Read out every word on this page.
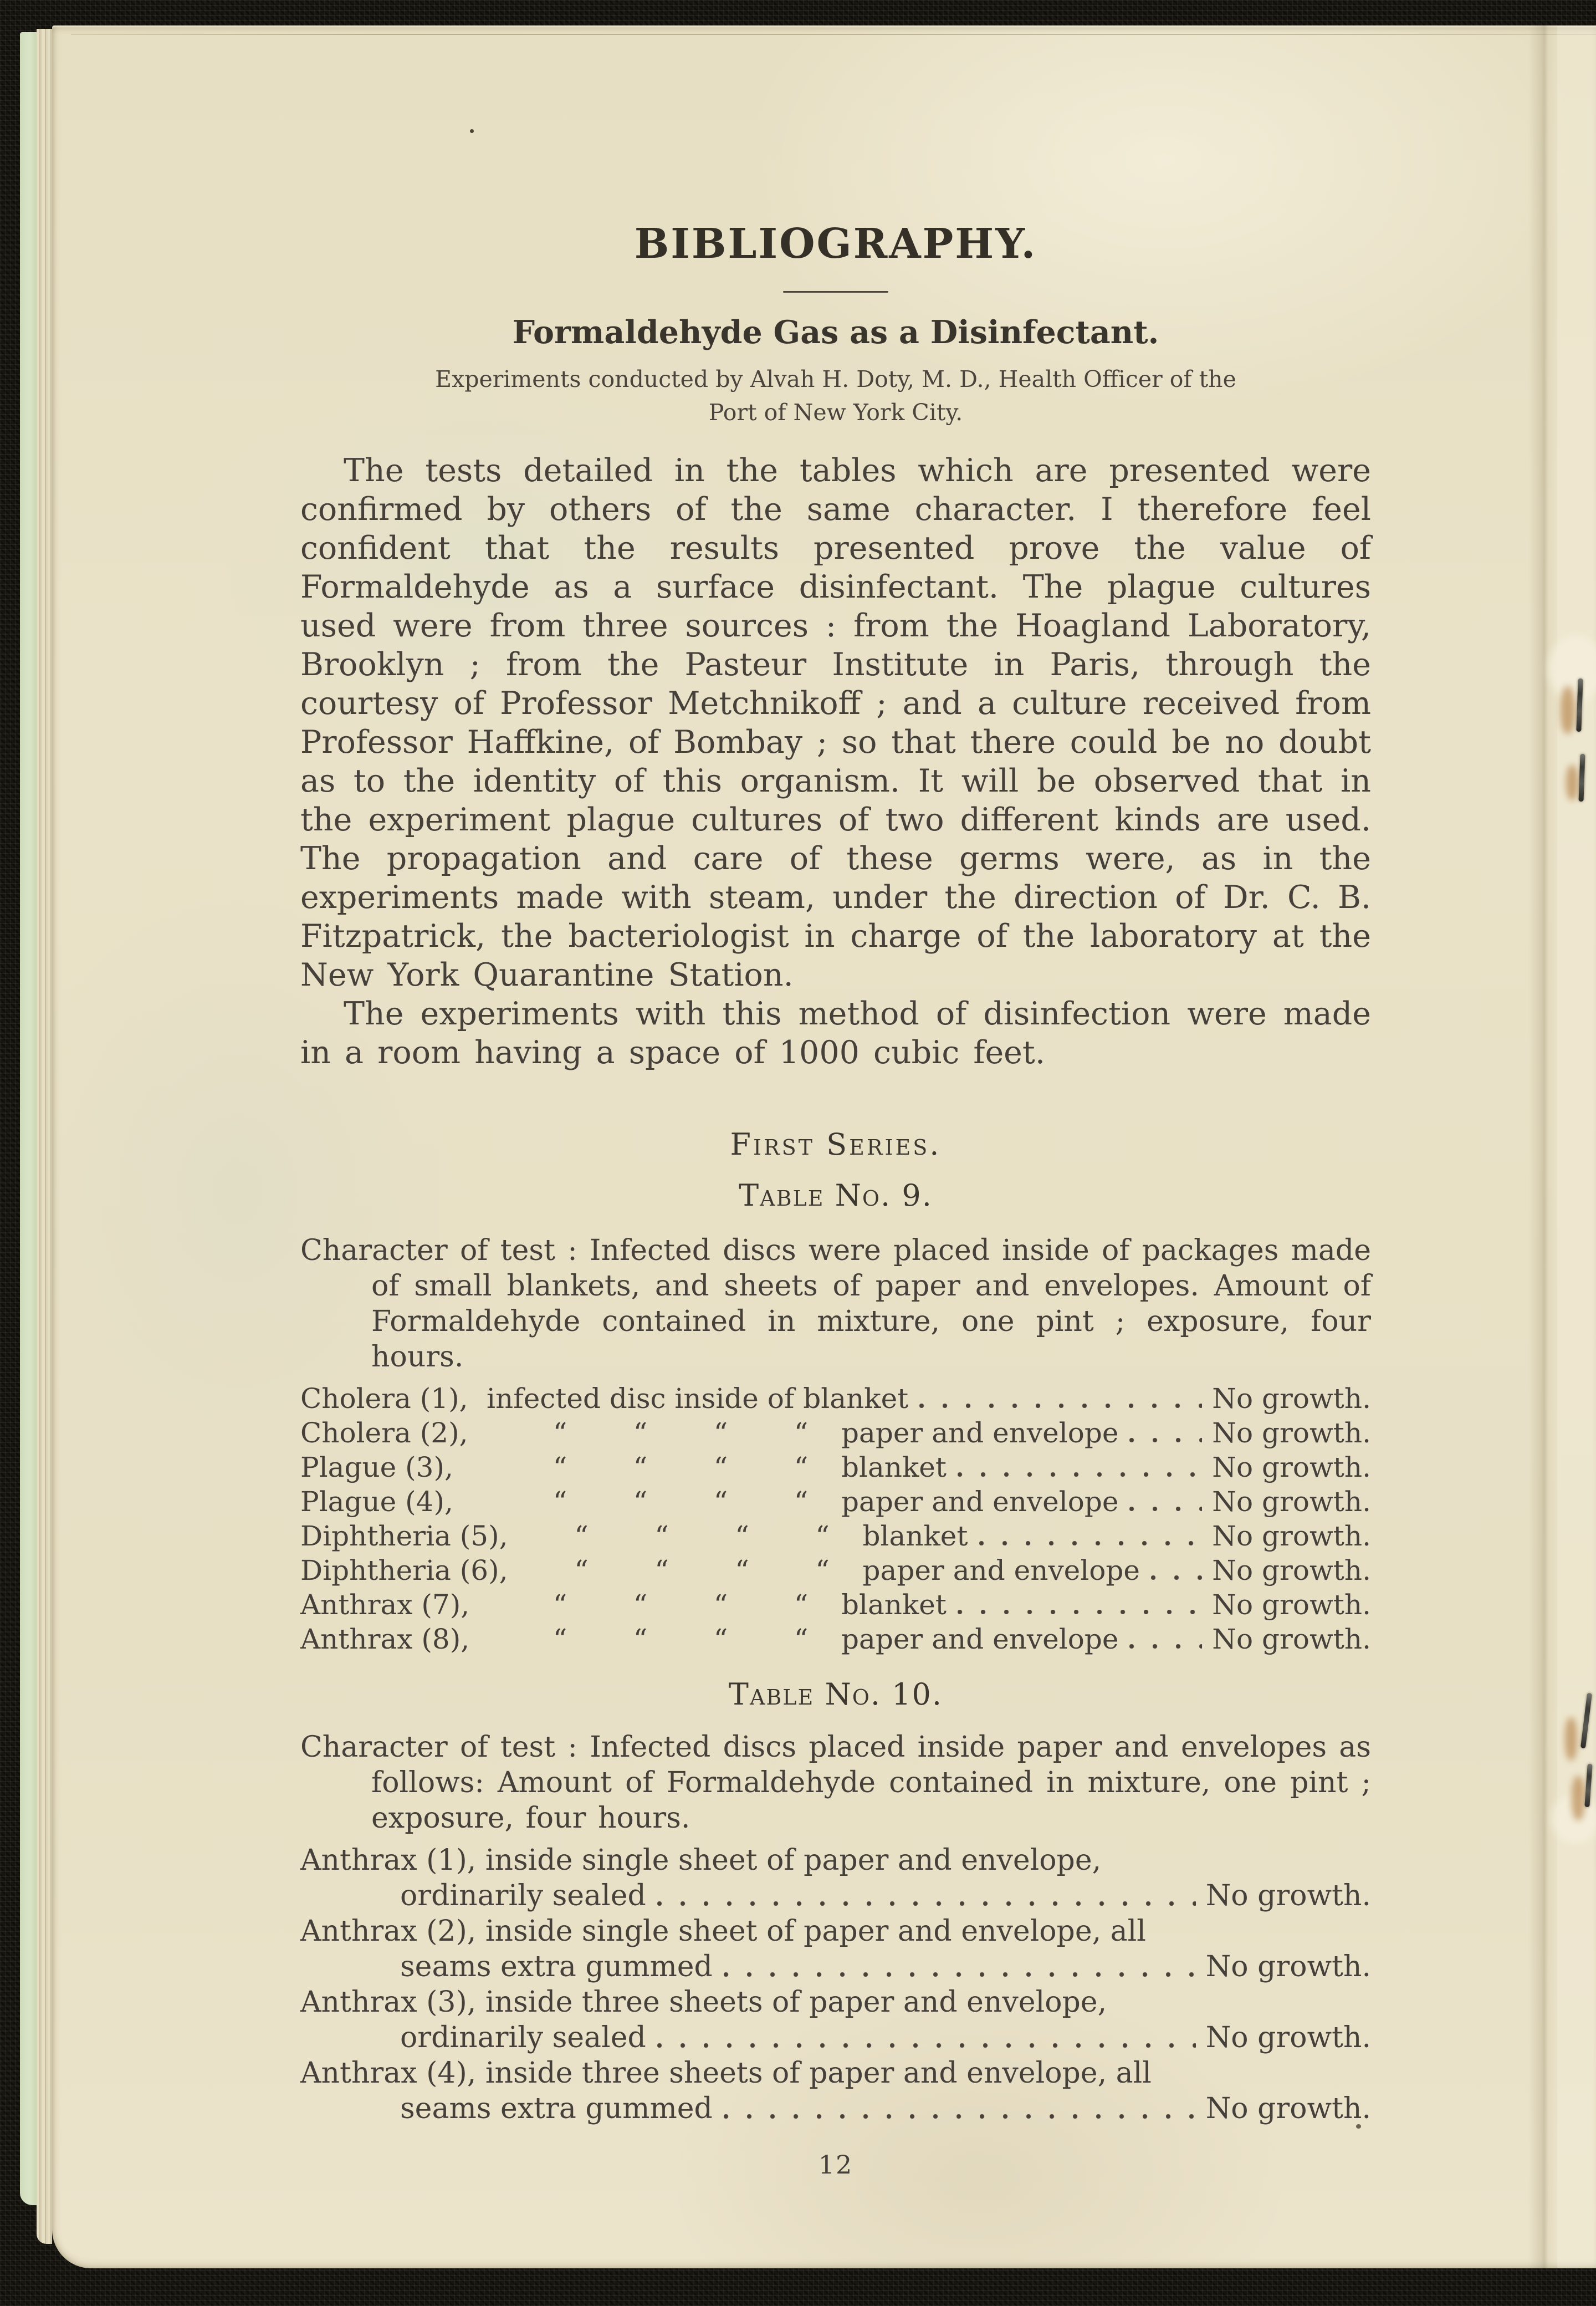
BIBLIOGRAPHY.
Formaldehyde Gas as a Disinfectant.

Experiments conducted by Alvah H. Doty, M. D., Health Officer of the
Port of New York City.

The tests detailed in the tables which are presented were confirmed by others of the same character. I therefore feel confident that the results presented prove the value of Formaldehyde as a surface disinfectant. The plague cultures used were from three sources : from the Hoagland Laboratory, Brooklyn ; from the Pasteur Institute in Paris, through the courtesy of Professor Metchnikoff ; and a culture received from Professor Haffkine, of Bombay ; so that there could be no doubt as to the identity of this organism. It will be observed that in the experiment plague cultures of two different kinds are used. The propagation and care of these germs were, as in the experiments made with steam, under the direction of Dr. C. B. Fitzpatrick, the bacteriologist in charge of the laboratory at the New York Quarantine Station.

The experiments with this method of disinfection were made in a room having a space of 1000 cubic feet.

First Series.
Table No. 9.

Character of test : Infected discs were placed inside of packages made of small blankets, and sheets of paper and envelopes. Amount of Formaldehyde contained in mixture, one pint ; exposure, four hours.

Cholera (1), infected disc inside of blanket	No growth.
Cholera (2),	“	“	“	“	paper and envelope	No growth.
Plague (3),	“	“	“	“	blanket	No growth.
Plague (4),	“	“	“	“	paper and envelope	No growth.
Diphtheria (5),	“	“	“	“	blanket	No growth.
Diphtheria (6),	“	“	“	“	paper and envelope	No growth.
Anthrax (7),	“	“	“	“	blanket	No growth.
Anthrax (8),	“	“	“	“	paper and envelope	No growth.
Table No. 10.

Character of test : Infected discs placed inside paper and envelopes as follows: Amount of Formaldehyde contained in mixture, one pint ; exposure, four hours.

Anthrax (1), inside single sheet of paper and envelope,
ordinarily sealed	No growth.
Anthrax (2), inside single sheet of paper and envelope, all
seams extra gummed	No growth.
Anthrax (3), inside three sheets of paper and envelope,
ordinarily sealed	No growth.
Anthrax (4), inside three sheets of paper and envelope, all
seams extra gummed	No growth.
12
